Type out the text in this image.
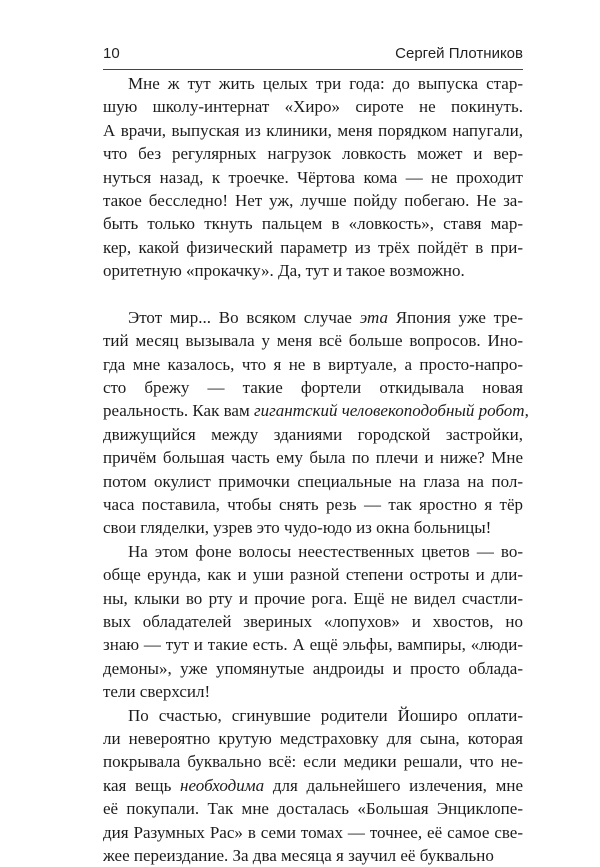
10	Сергей Плотников
Мне ж тут жить целых три года: до выпуска стар-
шую школу-интернат «Хиро» сироте не покинуть.
А врачи, выпуская из клиники, меня порядком напугали,
что без регулярных нагрузок ловкость может и вер-
нуться назад, к троечке. Чёртова кома — не проходит
такое бесследно! Нет уж, лучше пойду побегаю. Не за-
быть только ткнуть пальцем в «ловкость», ставя мар-
кер, какой физический параметр из трёх пойдёт в при-
оритетную «прокачку». Да, тут и такое возможно.
Этот мир... Во всяком случае эта Япония уже тре-
тий месяц вызывала у меня всё больше вопросов. Ино-
гда мне казалось, что я не в виртуале, а просто-напро-
сто брежу — такие фортели откидывала новая
реальность. Как вам гигантский человекоподобный робот,
движущийся между зданиями городской застройки,
причём большая часть ему была по плечи и ниже? Мне
потом окулист примочки специальные на глаза на пол-
часа поставила, чтобы снять резь — так яростно я тёр
свои гляделки, узрев это чудо-юдо из окна больницы!
На этом фоне волосы неестественных цветов — во-
обще ерунда, как и уши разной степени остроты и дли-
ны, клыки во рту и прочие рога. Ещё не видел счастли-
вых обладателей звериных «лопухов» и хвостов, но
знаю — тут и такие есть. А ещё эльфы, вампиры, «люди-
демоны», уже упомянутые андроиды и просто облада-
тели сверхсил!
По счастью, сгинувшие родители Йоширо оплати-
ли невероятно крутую медстраховку для сына, которая
покрывала буквально всё: если медики решали, что не-
кая вещь необходима для дальнейшего излечения, мне
её покупали. Так мне досталась «Большая Энциклопе-
дия Разумных Рас» в семи томах — точнее, её самое све-
жее переиздание. За два месяца я заучил её буквально
